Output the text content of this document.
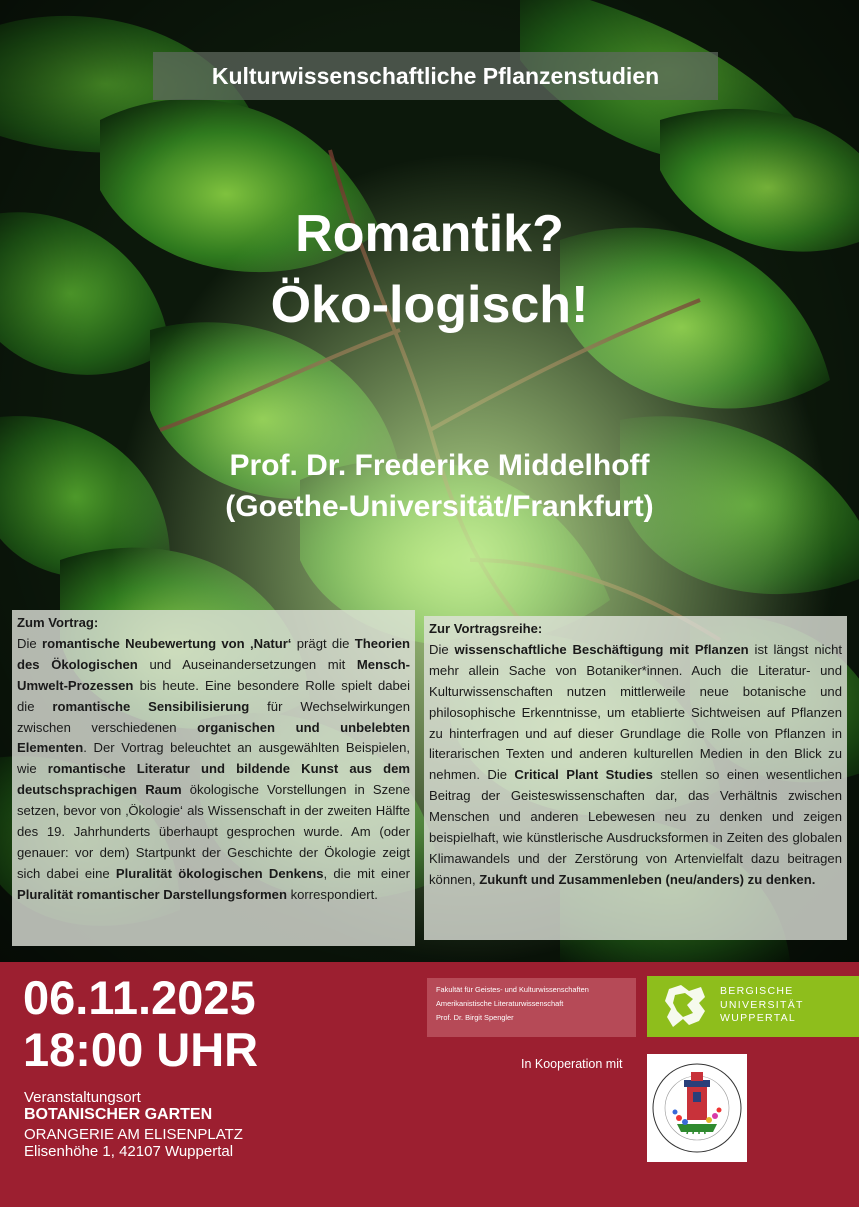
Kulturwissenschaftliche Pflanzenstudien
Romantik?
Öko-logisch!
Prof. Dr. Frederike Middelhoff
(Goethe-Universität/Frankfurt)
Zum Vortrag:
Die romantische Neubewertung von ‚Natur‘ prägt die Theorien des Ökologischen und Auseinandersetzungen mit Mensch-Umwelt-Prozessen bis heute. Eine besondere Rolle spielt dabei die romantische Sensibilisierung für Wechselwirkungen zwischen verschiedenen organischen und unbelebten Elementen. Der Vortrag beleuchtet an ausgewählten Beispielen, wie romantische Literatur und bildende Kunst aus dem deutschsprachigen Raum ökologische Vorstellungen in Szene setzen, bevor von ‚Ökologie‘ als Wissenschaft in der zweiten Hälfte des 19. Jahrhunderts überhaupt gesprochen wurde. Am (oder genauer: vor dem) Startpunkt der Geschichte der Ökologie zeigt sich dabei eine Pluralität ökologischen Denkens, die mit einer Pluralität romantischer Darstellungsformen korrespondiert.
Zur Vortragsreihe:
Die wissenschaftliche Beschäftigung mit Pflanzen ist längst nicht mehr allein Sache von Botaniker*innen. Auch die Literatur- und Kulturwissenschaften nutzen mittlerweile neue botanische und philosophische Erkenntnisse, um etablierte Sichtweisen auf Pflanzen zu hinterfragen und auf dieser Grundlage die Rolle von Pflanzen in literarischen Texten und anderen kulturellen Medien in den Blick zu nehmen. Die Critical Plant Studies stellen so einen wesentlichen Beitrag der Geisteswissenschaften dar, das Verhältnis zwischen Menschen und anderen Lebewesen neu zu denken und zeigen beispielhaft, wie künstlerische Ausdrucksformen in Zeiten des globalen Klimawandels und der Zerstörung von Artenvielfalt dazu beitragen können, Zukunft und Zusammenleben (neu/anders) zu denken.
06.11.2025
18:00 UHR
Veranstaltungsort
BOTANISCHER GARTEN
ORANGERIE AM ELISENPLATZ
Elisenhöhe 1, 42107 Wuppertal
Fakultät für Geistes- und Kulturwissenschaften
Amerikanistische Literaturwissenschaft
Prof. Dr. Birgit Spengler
BERGISCHE
UNIVERSITÄT
WUPPERTAL
In Kooperation mit
